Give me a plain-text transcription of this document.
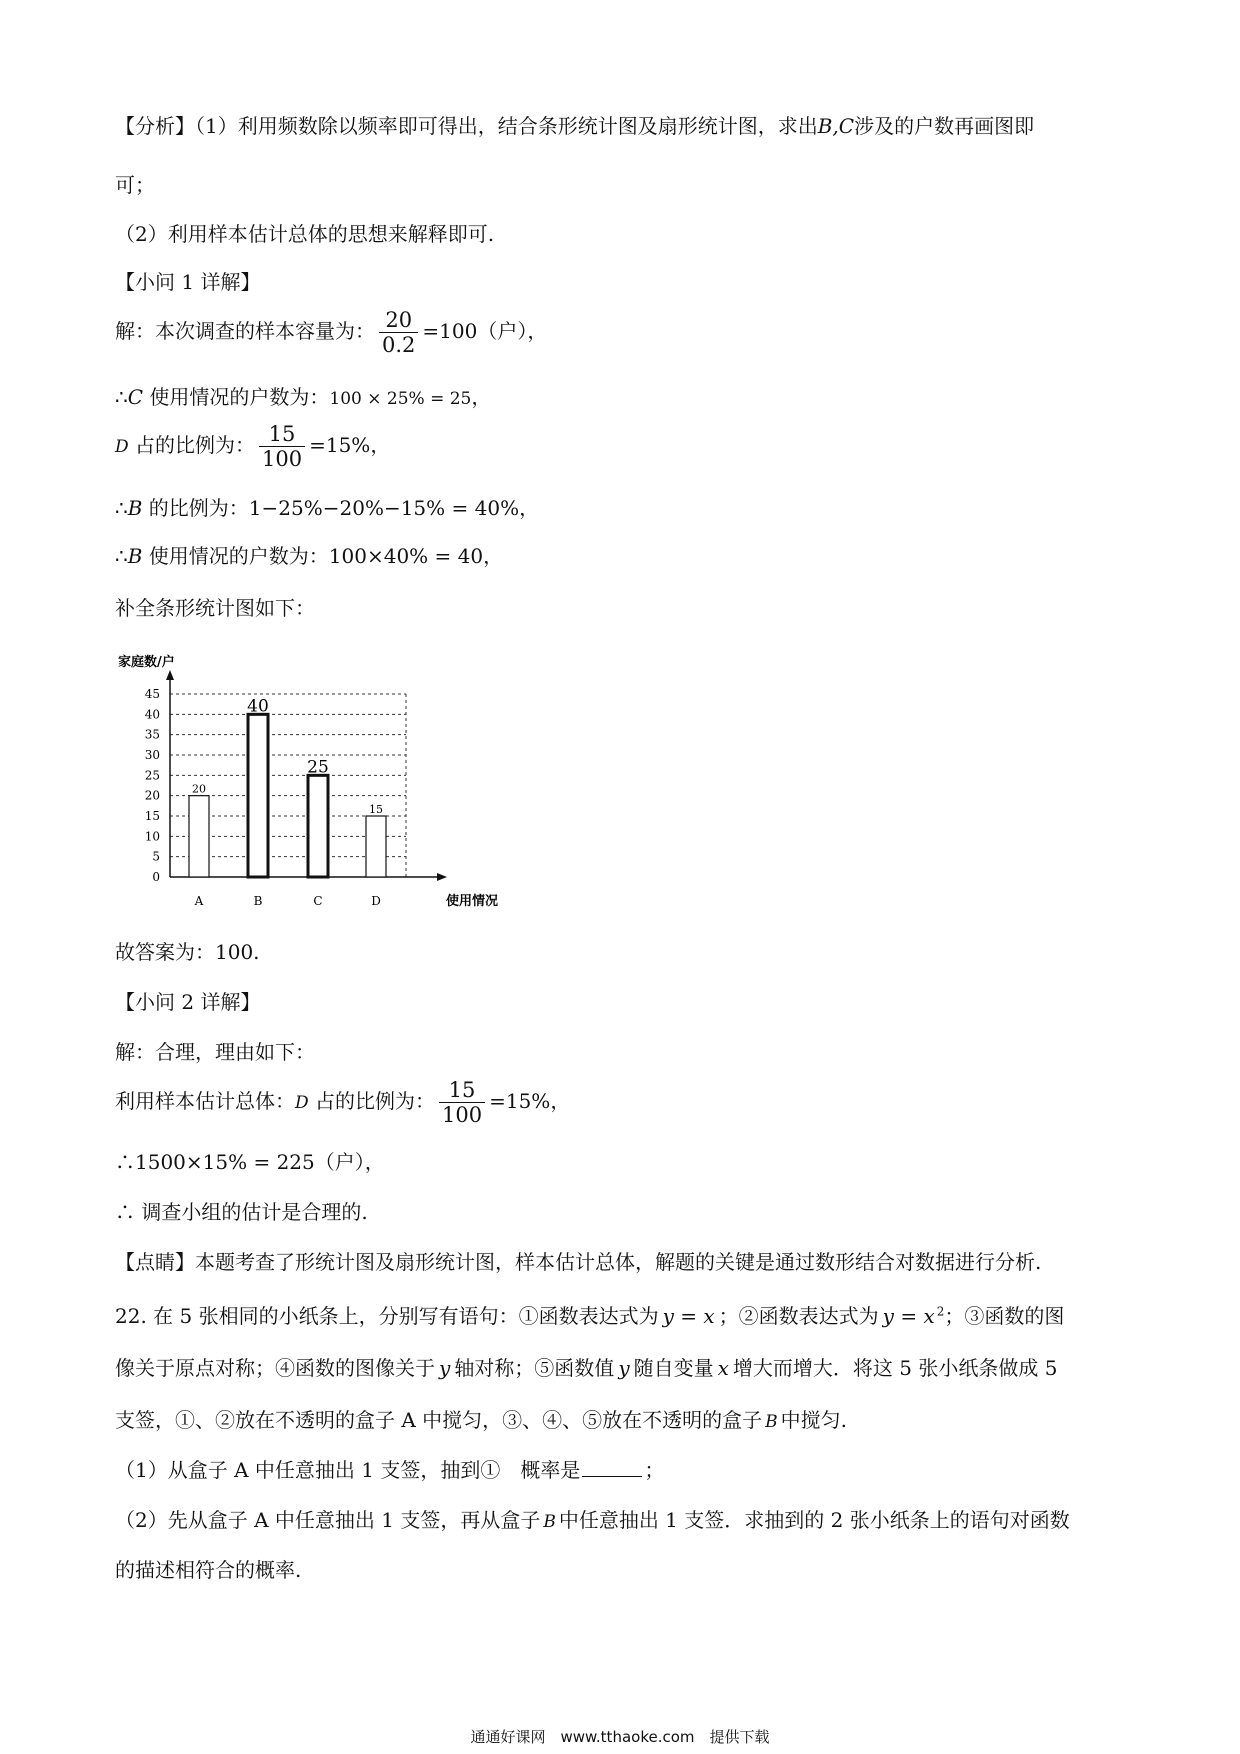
【分析】（1）利用频数除以频率即可得出，结合条形统计图及扇形统计图，求出B,C涉及的户数再画图即
可；
（2）利用样本估计总体的思想来解释即可.
【小问 1 详解】
解：本次调查的样本容量为： $\frac{20}{0.2} =100$（户），
∴C 使用情况的户数为：100 × 25% = 25，
D 占的比例为： $\frac{15}{100} =15\%$，
∴B 的比例为：1−25%−20%−15% = 40%，
∴B 使用情况的户数为：100×40% = 40，
补全条形统计图如下：
0
5
10
15
20
25
30
35
40
45
20
40
25
15
A	B	C	D
家庭数/户
使用情况
故答案为：100.
【小问 2 详解】
解：合理，理由如下：
利用样本估计总体：D 占的比例为： $\frac{15}{100} =15\%$，
∴1500×15% = 225（户），
∴ 调查小组的估计是合理的.
【点睛】本题考查了形统计图及扇形统计图，样本估计总体，解题的关键是通过数形结合对数据进行分析.
22. 在 5 张相同的小纸条上，分别写有语句：①函数表达式为 y = x ；②函数表达式为 y = x $^2$；③函数的图
像关于原点对称；④函数的图像关于 y 轴对称；⑤函数值 y 随自变量 x 增大而增大．将这 5 张小纸条做成 5
支签，①、②放在不透明的盒子 A 中搅匀，③、④、⑤放在不透明的盒子 B 中搅匀.
（1）从盒子 A 中任意抽出 1 支签，抽到①　概率是	；
（2）先从盒子 A 中任意抽出 1 支签，再从盒子 B 中任意抽出 1 支签．求抽到的 2 张小纸条上的语句对函数
的描述相符合的概率.
通通好课网　www.tthaoke.com　提供下载
